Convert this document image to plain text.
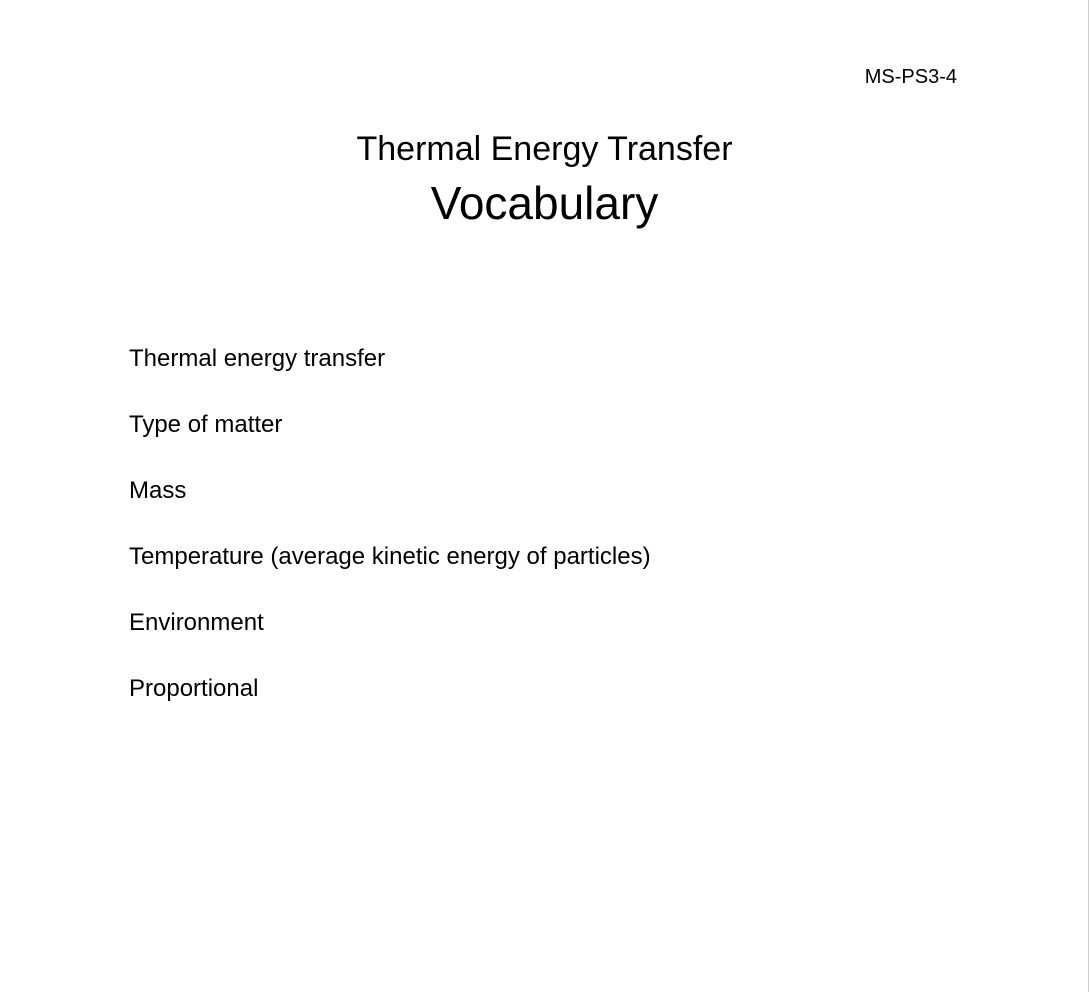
MS-PS3-4
Thermal Energy Transfer
Vocabulary
Thermal energy transfer
Type of matter
Mass
Temperature (average kinetic energy of particles)
Environment
Proportional
